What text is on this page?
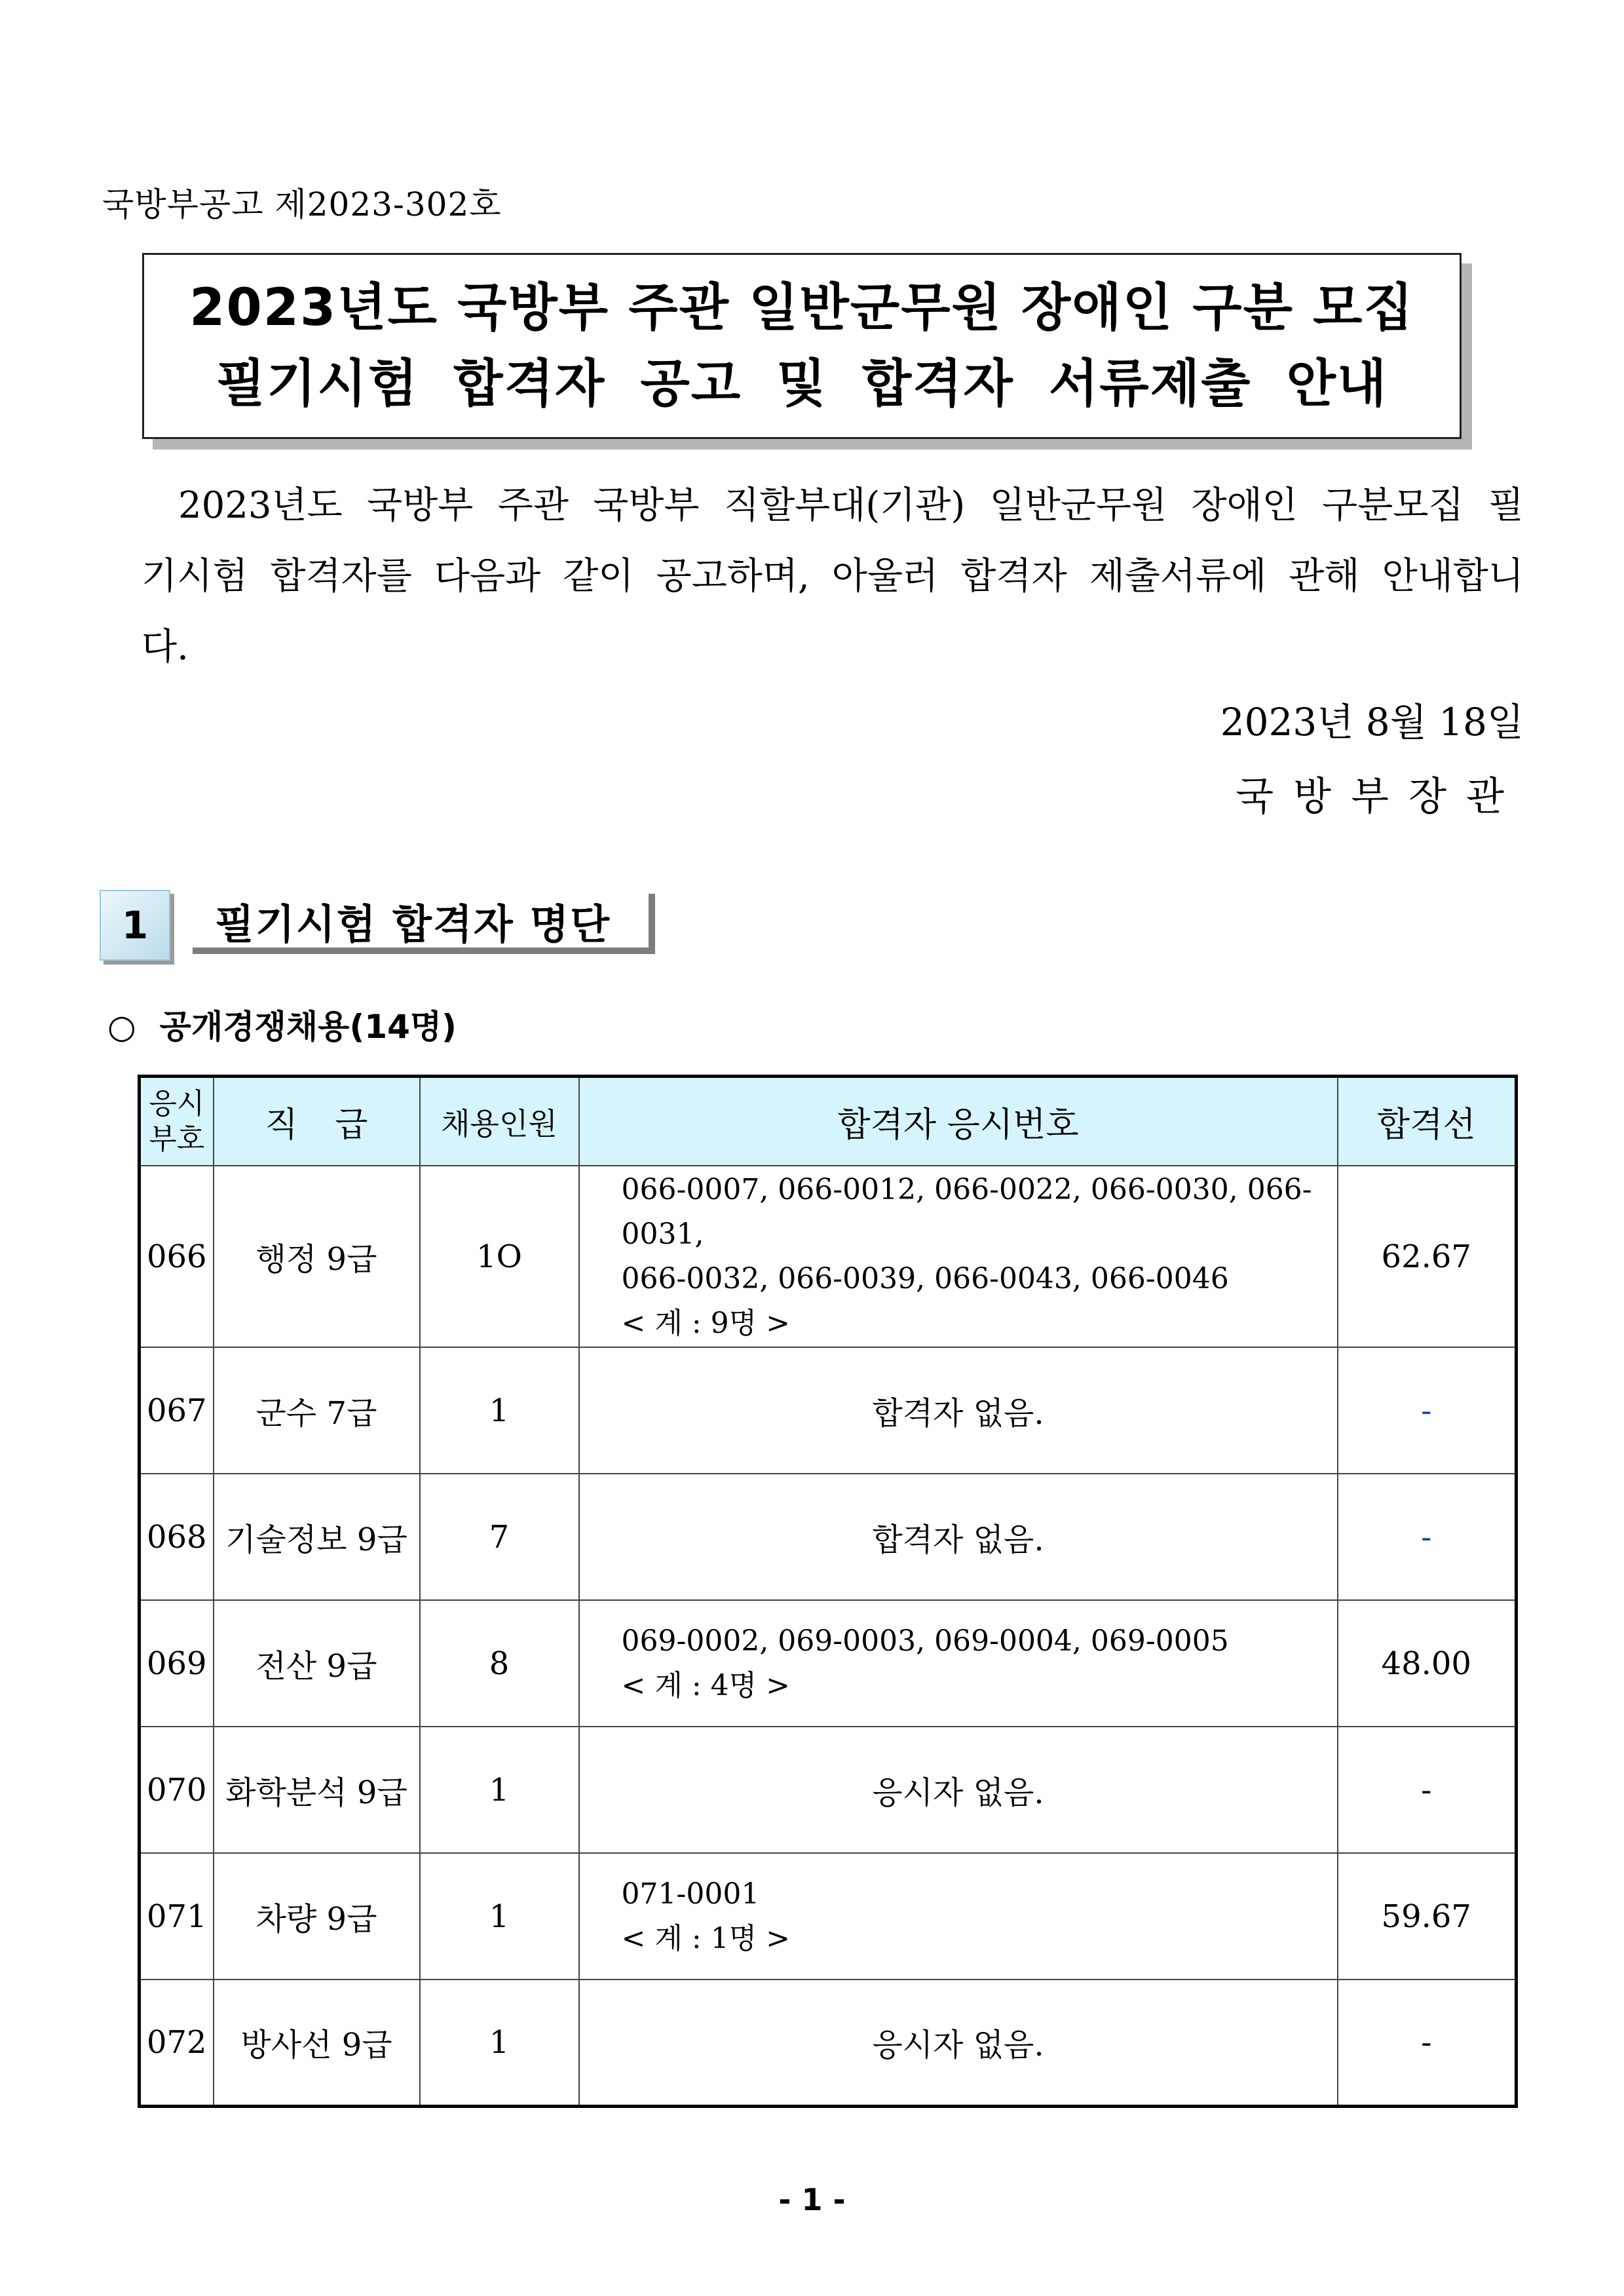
국방부공고 제2023-302호
2023년도 국방부 주관 일반군무원 장애인 구분 모집
필기시험 합격자 공고 및 합격자 서류제출 안내
2023년도 국방부 주관 국방부 직할부대(기관) 일반군무원 장애인 구분모집 필기시험 합격자를 다음과 같이 공고하며, 아울러 합격자 제출서류에 관해 안내합니다.
2023년 8월 18일
국방부장관
1	필기시험 합격자 명단
○ 공개경쟁채용(14명)
응시
부호	직 급	채용인원	합격자 응시번호	합격선
066	행정 9급	1O	066-0007, 066-0012, 066-0022, 066-0030, 066-0031,
066-0032, 066-0039, 066-0043, 066-0046
< 계 : 9명 >	62.67
067	군수 7급	1	합격자 없음.	-
068	기술정보 9급	7	합격자 없음.	-
069	전산 9급	8	069-0002, 069-0003, 069-0004, 069-0005
< 계 : 4명 >	48.00
070	화학분석 9급	1	응시자 없음.	-
071	차량 9급	1	071-0001
< 계 : 1명 >	59.67
072	방사선 9급	1	응시자 없음.	-
- 1 -
